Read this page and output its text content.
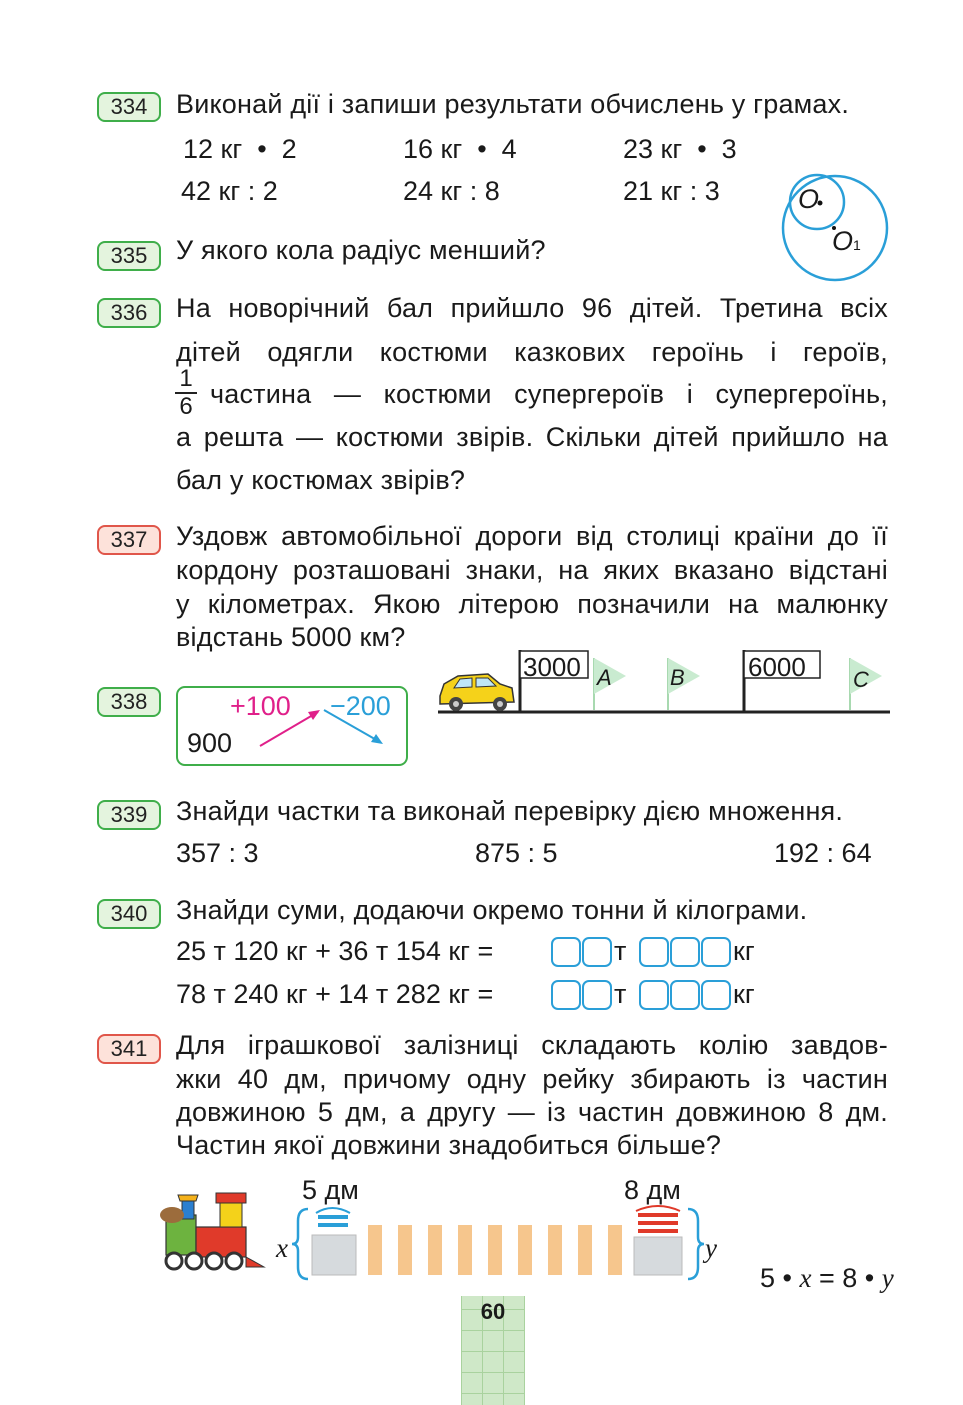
334	Виконай дії і запиши результати обчислень у грамах.
12 кг  •  2	16 кг  •  4	23 кг  •  3
42 кг : 2	24 кг : 8	21 кг : 3
335	У якого кола радіус менший?
O
O1
336	На новорічний бал прийшло 96 дітей. Третина всіх
дітей одягли костюми казкових героїнь і героїв,
1
6 частина — костюми супергероїв і супергероїнь,
а решта — костюми звірів. Скільки дітей прийшло на
бал у костюмах звірів?
337	Уздовж автомобільної дороги від столиці країни до її
кордону розташовані знаки, на яких вказано відстані
у кілометрах. Якою літерою позначили на малюнку
відстань 5000 км?
3000	6000
A	B	C
338	+100 −200
900
339	Знайди частки та виконай перевірку дією множення.
357 : 3	875 : 5	192 : 64
340	Знайди суми, додаючи окремо тонни й кілограми.
25 т 120 кг + 36 т 154 кг =	т	кг
78 т 240 кг + 14 т 282 кг =	т	кг
341	Для іграшкової залізниці складають колію завдов-
жки 40 дм, причому одну рейку збирають із частин
довжиною 5 дм, а другу — із частин довжиною 8 дм.
Частин якої довжини знадобиться більше?
5 дм	8 дм
x	y

5 • x = 8 • y

60
